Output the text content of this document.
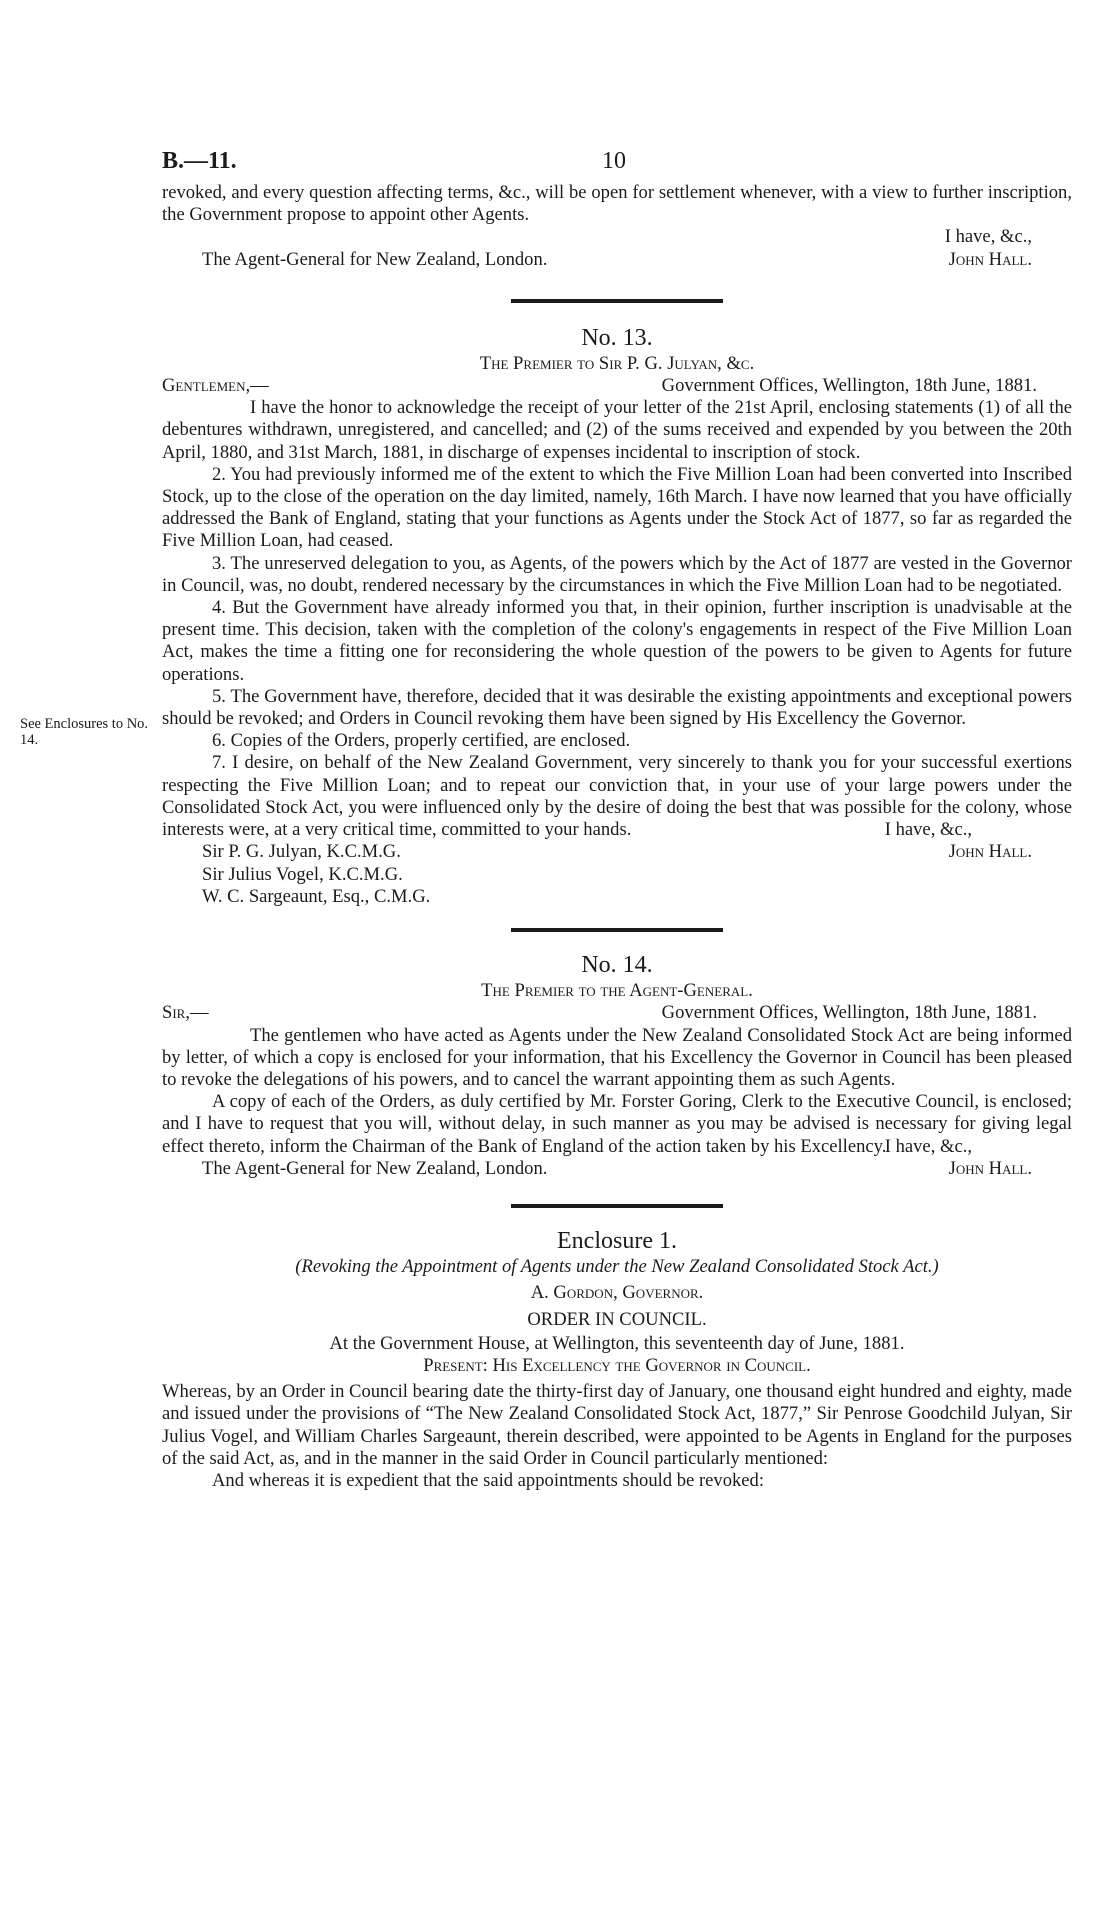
B.—11.	10

revoked, and every question affecting terms, &c., will be open for settlement whenever, with a view to further inscription, the Government propose to appoint other Agents.

I have, &c.,
The Agent-General for New Zealand, London.	John Hall.
No. 13.
The Premier to Sir P. G. Julyan, &c.
Gentlemen,—	Government Offices, Wellington, 18th June, 1881.

I have the honor to acknowledge the receipt of your letter of the 21st April, enclosing statements (1) of all the debentures withdrawn, unregistered, and cancelled; and (2) of the sums received and expended by you between the 20th April, 1880, and 31st March, 1881, in discharge of expenses incidental to inscription of stock.

2. You had previously informed me of the extent to which the Five Million Loan had been converted into Inscribed Stock, up to the close of the operation on the day limited, namely, 16th March. I have now learned that you have officially addressed the Bank of England, stating that your functions as Agents under the Stock Act of 1877, so far as regarded the Five Million Loan, had ceased.

3. The unreserved delegation to you, as Agents, of the powers which by the Act of 1877 are vested in the Governor in Council, was, no doubt, rendered necessary by the circumstances in which the Five Million Loan had to be negotiated.

4. But the Government have already informed you that, in their opinion, further inscription is unadvisable at the present time. This decision, taken with the completion of the colony's engagements in respect of the Five Million Loan Act, makes the time a fitting one for reconsidering the whole question of the powers to be given to Agents for future operations.

5. The Government have, therefore, decided that it was desirable the existing appointments and exceptional powers should be revoked; and Orders in Council revoking them have been signed by His Excellency the Governor.

See Enclosures to No. 14.	6. Copies of the Orders, properly certified, are enclosed.

7. I desire, on behalf of the New Zealand Government, very sincerely to thank you for your successful exertions respecting the Five Million Loan; and to repeat our conviction that, in your use of your large powers under the Consolidated Stock Act, you were influenced only by the desire of doing the best that was possible for the colony, whose interests were, at a very critical time, committed to your hands.	I have, &c.,
Sir P. G. Julyan, K.C.M.G.	John Hall.
Sir Julius Vogel, K.C.M.G.
W. C. Sargeaunt, Esq., C.M.G.
No. 14.
The Premier to the Agent-General.
Sir,—	Government Offices, Wellington, 18th June, 1881.

The gentlemen who have acted as Agents under the New Zealand Consolidated Stock Act are being informed by letter, of which a copy is enclosed for your information, that his Excellency the Governor in Council has been pleased to revoke the delegations of his powers, and to cancel the warrant appointing them as such Agents.

A copy of each of the Orders, as duly certified by Mr. Forster Goring, Clerk to the Executive Council, is enclosed; and I have to request that you will, without delay, in such manner as you may be advised is necessary for giving legal effect thereto, inform the Chairman of the Bank of England of the action taken by his Excellency.

I have, &c.,
The Agent-General for New Zealand, London.	John Hall.
Enclosure 1.
(Revoking the Appointment of Agents under the New Zealand Consolidated Stock Act.)
A. Gordon, Governor.
ORDER IN COUNCIL.
At the Government House, at Wellington, this seventeenth day of June, 1881.
Present: His Excellency the Governor in Council.

Whereas, by an Order in Council bearing date the thirty-first day of January, one thousand eight hundred and eighty, made and issued under the provisions of “The New Zealand Consolidated Stock Act, 1877,” Sir Penrose Goodchild Julyan, Sir Julius Vogel, and William Charles Sargeaunt, therein described, were appointed to be Agents in England for the purposes of the said Act, as, and in the manner in the said Order in Council particularly mentioned:

And whereas it is expedient that the said appointments should be revoked:
